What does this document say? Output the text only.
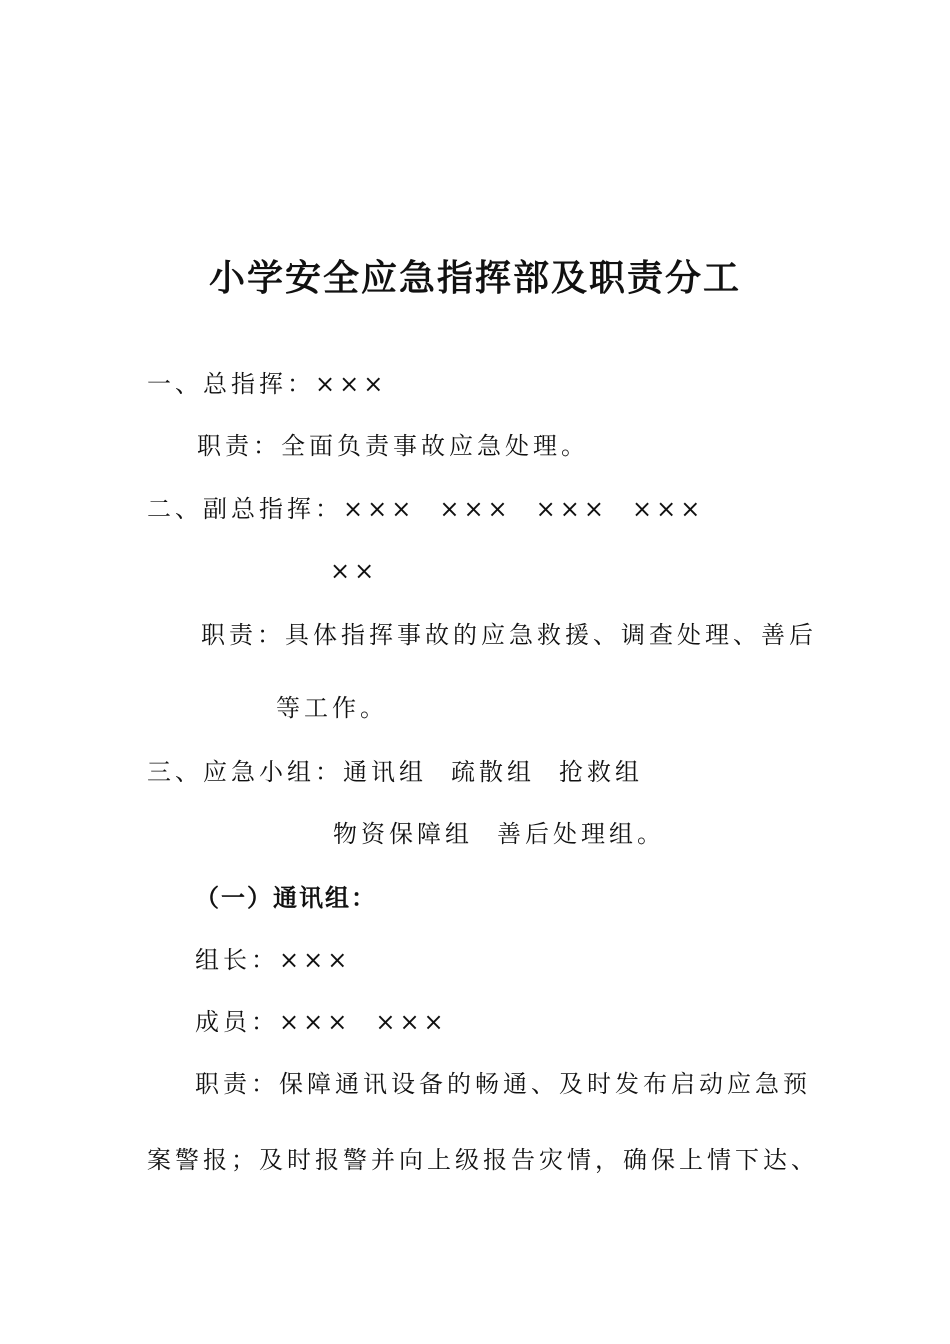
小学安全应急指挥部及职责分工
一、总指挥：×××
职责：全面负责事故应急处理。
二、副总指挥：××× ××× ××× ×××
××
职责：具体指挥事故的应急救援、调查处理、善后
等工作。
三、应急小组：通讯组 疏散组 抢救组
物资保障组 善后处理组。
（一）通讯组：
组长：×××
成员：××× ×××
职责：保障通讯设备的畅通、及时发布启动应急预
案警报；及时报警并向上级报告灾情，确保上情下达、
